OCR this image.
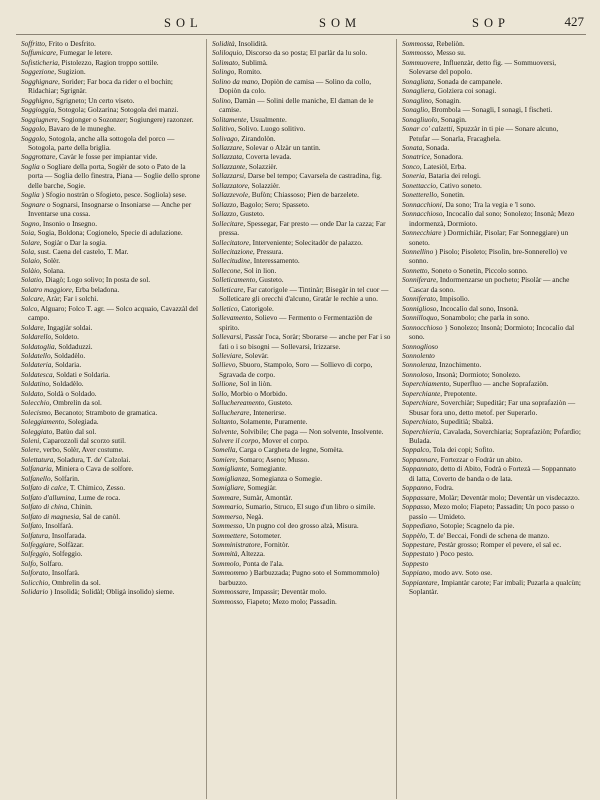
SOL	SOM	SOP	427

Soffritto, Frito o Desfrito.

Soffumicare, Fumegar le letere.

Sofisticheria, Pistolezzo, Ragion troppo sottile.

Soggezione, Sugizion.

Sogghignare, Sorider; Far boca da rider o el bochin; Ridachiar; Sgrignàr.

Sogghigno, Sgrigneto; Un certo viseto.

Soggioggia, Sotogola; Golzarina; Sotogola dei manzi.

Soggiugnere, Sogionger o Sozonzer; Sogiungere) razonzer.

Soggolo, Bavaro de le muneghe.

Soggolo, Sotogola, anche alla sottogola del porco — Sotogola, parte della briglia.

Soggrottare, Cavàr le fosse per impiantar vide.

Soglia o Sogliare della porta, Sogièr de soto o Pato de la porta — Soglia dello finestra, Piana — Soglie dello sprone delle barche, Sogie.

Soglia ) Sfogio nostràn o Sfogieto, pesce. Sogliola) sese.

Sognare o Sognarsi, Insognarse o Insoniarse — Anche per Inventarse una cossa.

Sogno, Insonio o Insegno.

Soia, Sogia, Boldona; Cogionelo, Specie di adulazione.

Solare, Sogiàr o Dar la sogia.

Sola, sust. Caena del castelo, T. Mar.

Solaio, Solèr.

Solàio, Solana.

Solatio, Diagò; Logo solivo; In posta de sol.

Solatro maggiore, Erba beladona.

Solcare, Aràr; Far i solchi.

Solco, Alguaro; Folco T. agr. — Solco acquaio, Cavazzàl del campo.

Soldare, Ingagiàr soldai.

Soldarello, Soldeto.

Soldatoglia, Soldaduzzi.

Soldatello, Soldadèlo.

Soldateria, Soldaria.

Soldatesca, Soldati e Soldaria.

Soldatino, Soldadèlo.

Soldato, Soldà o Soldado.

Solecchio, Ombrelin da sol.

Solecismo, Becanoto; Stramboto de gramatica.

Soleggiamento, Solegiada.

Soleggiato, Batùo dal sol.

Soleni, Caparozzoli dal scorzo sutil.

Solere, verbo, Solèr, Aver costume.

Solettatura, Soladura, T. de' Calzolai.

Solfanaria, Miniera o Cava de solfore.

Solfanello, Solfarin.

Solfato di calce, T. Chimico, Zesso.

Solfato d'allumina, Lume de roca.

Solfato di china, Chinin.

Solfato di magnesia, Sal de canòl.

Solfato, Insolfarà.

Solfatura, Insolfarada.

Solfeggiare, Solfàzar.

Solfeggio, Solfeggio.

Solfo, Solfaro.

Solforato, Insolfarà.

Solicchio, Ombrelin da sol.

Solidario ) Insolidà; Solidàl; Obligà insolido) sieme.

Solidità, Insolidità.

Soliloquio, Discorso da so posta; El parlàr da lu solo.

Solimato, Sublimà.

Solingo, Romito.

Solino da mano, Dopiòn de camisa — Solino da collo, Dopiòn da colo.

Solino, Damàn — Solini delle maniche, El daman de le camise.

Solitamente, Usualmente.

Solitivo, Solivo. Luogo solitivo.

Solivago, Zirandolòn.

Sollazzare, Solevar o Alzàr un tantin.

Sollazzata, Coverta levada.

Sollazzante, Solazzièr.

Sollazzarsi, Darse bel tempo; Cavarsela de castradina, fig.

Sollazzatore, Solazzièr.

Sollazzevole, Bufòn; Chiassoso; Pien de barzelete.

Sollazzo, Bagolo; Sero; Spasseto.

Sollazzo, Gusteto.

Sollecitare, Spessegar, Far presto — onde Dar la cazza; Far pressa.

Sollecitatore, Interveniente; Solecitadòr de palazzo.

Sollecitazione, Pressura.

Sollecitudine, Interessamento.

Sollecone, Sol in lion.

Solleticamento, Gusteto.

Solleticare, Far catorigole — Tintinàr; Bisegàr in tel cuor — Solleticare gli orecchi d'alcuno, Gratàr le rechie a uno.

Solletico, Catorigole.

Sollevamento, Solievo — Fermento o Fermentaziòn de spirito.

Sollevarsi, Passàr l'oca, Soràr; Sborarse — anche per Far i so fati o i so bisogni — Sollevarsi, Irizzarse.

Solleviare, Solevàr.

Sollievo, Sbuoro, Stampolo, Soro — Sollievo di corpo, Sgravada de corpo.

Sollione, Sol in liòn.

Sollo, Morbio o Morbido.

Solluchereamento, Gusteto.

Sollucherare, Intenerirse.

Soltanto, Solamente, Puramente.

Solvente, Solvibile; Che paga — Non solvente, Insolvente.

Solvere il corpo, Mover el corpo.

Somella, Carga o Cargheta de legne, Somèta.

Somiere, Somaro; Aseno; Musso.

Somigliante, Somegiante.

Somiglianza, Somegianza o Somegie.

Somigliare, Somegiàr.

Sommare, Sumàr, Amontàr.

Sommario, Sumario, Struco, El sugo d'un libro o simile.

Sommerso, Negà.

Sommesso, Un pugno col deo grosso alzà, Misura.

Sommettere, Sotometer.

Somministratore, Fornitòr.

Sommità, Altezza.

Sommolo, Ponta de l'ala.

Sommommo ) Barbuzzada; Pugno soto el Sommommolo) barbuzzo.

Sommossare, Impassir; Deventàr molo.

Sommosso, Fiapeto; Mezo molo; Passadin.

Sommossa, Rebeliòn.

Sommosso, Messo su.

Sommuovere, Influenzàr, detto fig. — Sommuoversi, Solevarse del popolo.

Sonagliata, Sonada de campanele.

Sonagliera, Golziera coi sonagi.

Sonaglino, Sonagin.

Sonaglio, Brombola — Sonagli, I sonagi, I fischeti.

Sonagliuolo, Sonagin.

Sonar co' calzetti, Spuzzàr in ti pie — Sonare alcuno, Petufar — Sonarla, Fracaghela.

Sonata, Sonada.

Sonatrice, Sonadora.

Sonco, Latesiòl, Erba.

Soneria, Bataria dei relogi.

Sonettaccio, Cativo soneto.

Sonetterello, Sonetin.

Sonnacchioni, Da sono; Tra la vegia e 'l sono.

Sonnacchioso, Incocalìo dal sono; Sonolezo; Insonà; Mezo indormenzà, Dormioto.

Sonnecchiare ) Dormichiàr, Pisolar; Far Sonneggiare) un soneto.

Sonnellino ) Pisolo; Pisoleto; Pisolìn, bre-Sonnerello) ve sonno.

Sonnetto, Soneto o Sonetin, Piccolo sonno.

Sonniferare, Indormenzarse un pocheto; Pisolàr — anche Cascar da sono.

Sonniferato, Impisolìo.

Sonniglioso, Incocalìo dal sono, Insonà.

Sonnilloquo, Sonambolo; che parla in sono.

Sonnocchioso } Sonolezo; Insonà; Dormioto; Incocalìo dal sono.

Sonnoglioso

Sonnolento

Sonnolenza, Inzochimento.

Sonnoloso, Insonà; Dormioto; Sonolezo.

Soperchiamento, Superfluo — anche Soprafaziòn.

Soperchiante, Prepotente.

Soperchiare, Soverchiàr; Supeditàr; Far una soprafaziòn — Sbusar fora uno, detto metof. per Superarlo.

Soperchiato, Supeditià; Sbalzà.

Soperchieria, Cavalada, Soverchiaria; Soprafaziòn; Pofardìo; Bulada.

Soppalco, Tola dei copi; Sofito.

Soppannare, Fortezzar o Fodràr un abito.

Soppannato, detto di Abito, Fodrà o Fortezà — Soppannato di latta, Coverto de banda o de lata.

Soppanno, Fodra.

Soppassare, Molàr; Deventàr molo; Deventàr un visdecazzo.

Soppasso, Mezo molo; Fiapeto; Passadin; Un poco passo o passìo — Umideto.

Soppediano, Sotopìe; Scagnelo da pie.

Soppèlo, T. de' Beccai, Fondi de schena de manzo.

Soppestare, Pestàr grosso; Romper el pevere, el sal ec.

Soppestato ) Poco pesto.

Soppesto

Soppiano, modo avv. Soto ose.

Soppiantare, Impiantàr carote; Far imbali; Puzarla a qualcùn; Soplantàr.
